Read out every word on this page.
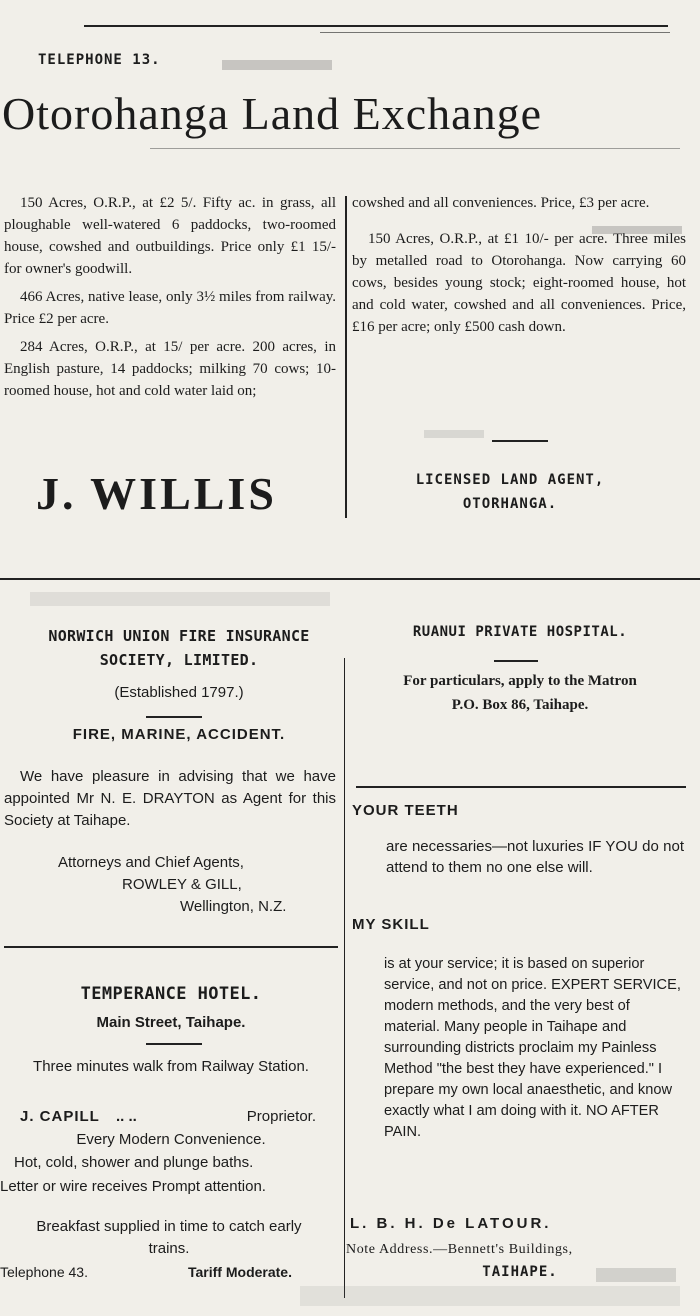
TELEPHONE 13.
Otorohanga Land Exchange

150 Acres, O.R.P., at £2 5/. Fifty ac. in grass, all ploughable well-watered 6 paddocks, two-roomed house, cowshed and outbuildings. Price only £1 15/- for owner's goodwill.

466 Acres, native lease, only 3½ miles from railway. Price £2 per acre.

284 Acres, O.R.P., at 15/ per acre. 200 acres, in English pasture, 14 paddocks; milking 70 cows; 10-roomed house, hot and cold water laid on;

cowshed and all conveniences. Price, £3 per acre.

150 Acres, O.R.P., at £1 10/- per acre. Three miles by metalled road to Otorohanga. Now carrying 60 cows, besides young stock; eight-roomed house, hot and cold water, cowshed and all conveniences. Price, £16 per acre; only £500 cash down.

J. WILLIS	LICENSED LAND AGENT,
OTORHANGA.
NORWICH UNION FIRE INSURANCE SOCIETY, LIMITED.
(Established 1797.)
FIRE, MARINE, ACCIDENT.
We have pleasure in advising that we have appointed Mr N. E. DRAYTON as Agent for this Society at Taihape.
Attorneys and Chief Agents,
ROWLEY & GILL,
Wellington, N.Z.
RUANUI PRIVATE HOSPITAL.
For particulars, apply to the Matron
P.O. Box 86, Taihape.
YOUR TEETH
are necessaries—not luxuries IF YOU do not attend to them no one else will.
MY SKILL
is at your service; it is based on superior service, and not on price. EXPERT SERVICE, modern methods, and the very best of material. Many people in Taihape and surrounding districts proclaim my Painless Method "the best they have experienced." I prepare my own local anaesthetic, and know exactly what I am doing with it. NO AFTER PAIN.
L. B. H. De LATOUR.
Note Address.—Bennett's Buildings,
TAIHAPE.
TEMPERANCE HOTEL.
Main Street, Taihape.
Three minutes walk from Railway Station.
J. CAPILL .. ..	Proprietor.
Every Modern Convenience.
Hot, cold, shower and plunge baths.
Letter or wire receives Prompt attention.
Breakfast supplied in time to catch early trains.
Telephone 43.	Tariff Moderate.
